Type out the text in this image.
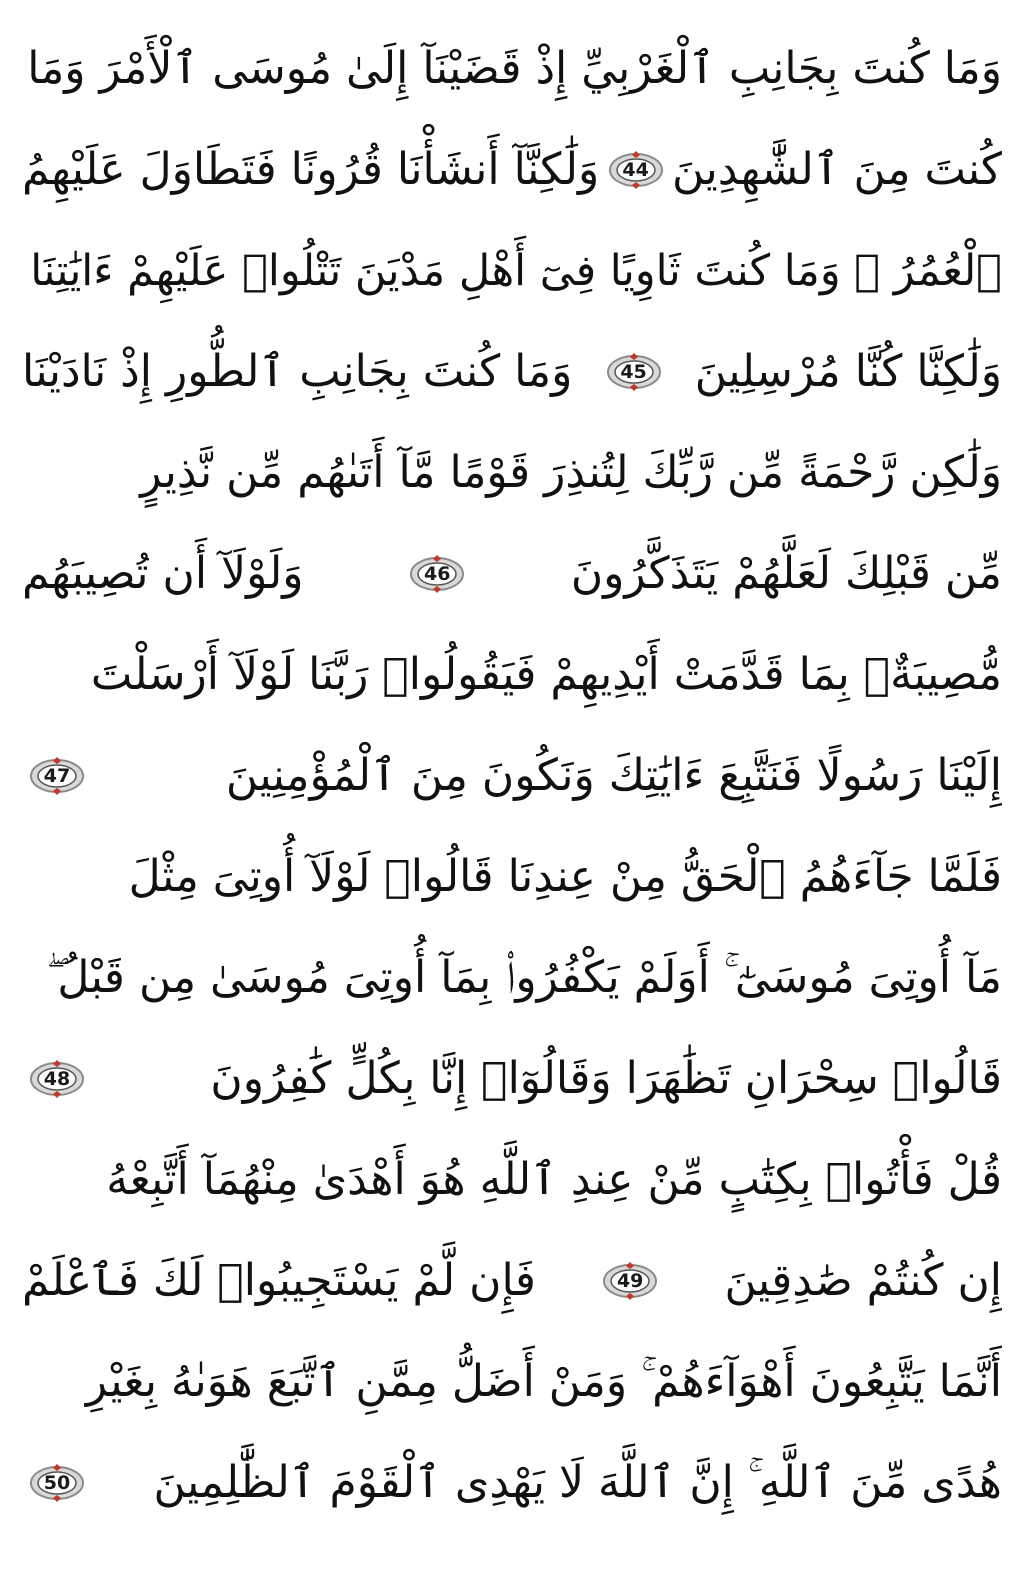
وَمَا كُنتَ بِجَانِبِ ٱلْغَرْبِيِّ إِذْ قَضَيْنَآ إِلَىٰ مُوسَى ٱلْأَمْرَ وَمَا
كُنتَ مِنَ ٱلشَّٰهِدِينَ
44
وَلَٰكِنَّآ أَنشَأْنَا قُرُونًا فَتَطَاوَلَ عَلَيْهِمُ
ٱلْعُمُرُ ۚ وَمَا كُنتَ ثَاوِيًا فِىٓ أَهْلِ مَدْيَنَ تَتْلُوا۟ عَلَيْهِمْ ءَايَٰتِنَا
وَلَٰكِنَّا كُنَّا مُرْسِلِينَ
45
وَمَا كُنتَ بِجَانِبِ ٱلطُّورِ إِذْ نَادَيْنَا
وَلَٰكِن رَّحْمَةً مِّن رَّبِّكَ لِتُنذِرَ قَوْمًا مَّآ أَتَىٰهُم مِّن نَّذِيرٍ
مِّن قَبْلِكَ لَعَلَّهُمْ يَتَذَكَّرُونَ
46
وَلَوْلَآ أَن تُصِيبَهُم
مُّصِيبَةٌۢ بِمَا قَدَّمَتْ أَيْدِيهِمْ فَيَقُولُوا۟ رَبَّنَا لَوْلَآ أَرْسَلْتَ
إِلَيْنَا رَسُولًا فَنَتَّبِعَ ءَايَٰتِكَ وَنَكُونَ مِنَ ٱلْمُؤْمِنِينَ
47
فَلَمَّا جَآءَهُمُ ٱلْحَقُّ مِنْ عِندِنَا قَالُوا۟ لَوْلَآ أُوتِىَ مِثْلَ
مَآ أُوتِىَ مُوسَىٰٓ ۚ أَوَلَمْ يَكْفُرُوا۟ بِمَآ أُوتِىَ مُوسَىٰ مِن قَبْلُ ۖ
قَالُوا۟ سِحْرَانِ تَظَٰهَرَا وَقَالُوٓا۟ إِنَّا بِكُلٍّ كَٰفِرُونَ
48
قُلْ فَأْتُوا۟ بِكِتَٰبٍ مِّنْ عِندِ ٱللَّهِ هُوَ أَهْدَىٰ مِنْهُمَآ أَتَّبِعْهُ
إِن كُنتُمْ صَٰدِقِينَ
49
فَإِن لَّمْ يَسْتَجِيبُوا۟ لَكَ فَٱعْلَمْ
أَنَّمَا يَتَّبِعُونَ أَهْوَآءَهُمْ ۚ وَمَنْ أَضَلُّ مِمَّنِ ٱتَّبَعَ هَوَىٰهُ بِغَيْرِ
هُدًى مِّنَ ٱللَّهِ ۚ إِنَّ ٱللَّهَ لَا يَهْدِى ٱلْقَوْمَ ٱلظَّٰلِمِينَ
50
